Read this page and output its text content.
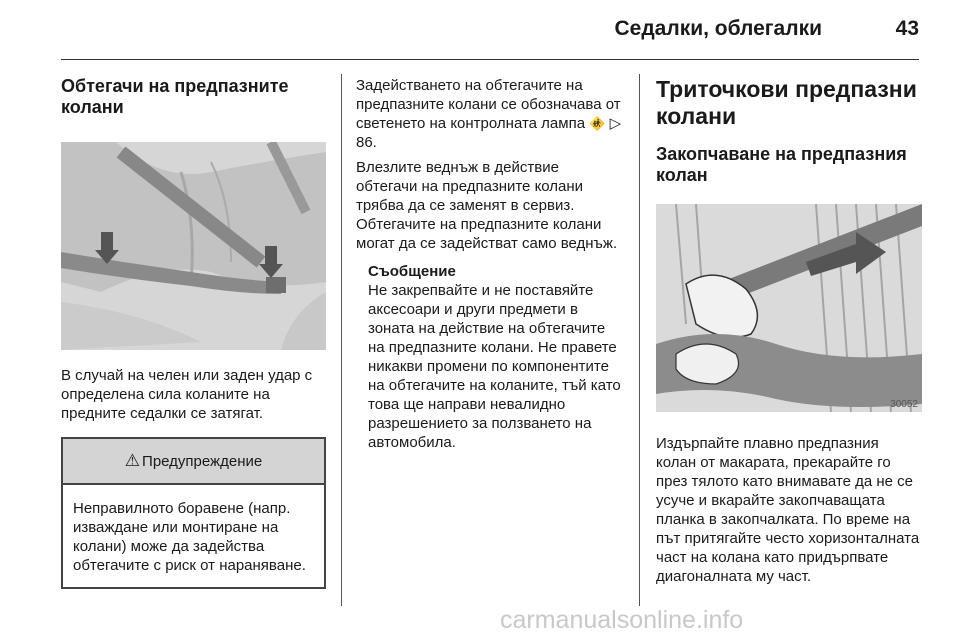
Седалки, облегалки	43
Обтегачи на предпазните колани

В случай на челен или заден удар с определена сила коланите на предните седалки се затягат.

⚠ Предупреждение

Неправилното боравене (напр. изваждане или монтиране на колани) може да задейства обтегачите с риск от нараняване.

Задействането на обтегачите на предпазните колани се обозначава от светенето на контролната лампа 🚸 ▷ 86.

Влезлите веднъж в действие обтегачи на предпазните колани трябва да се заменят в сервиз. Обтегачите на предпазните колани могат да се задействат само веднъж.

Съобщение

Не закрепвайте и не поставяйте аксесоари и други предмети в зоната на действие на обтегачите на предпазните колани. Не правете никакви промени по компонентите на обтегачите на коланите, тъй като това ще направи невалидно разрешението за ползването на автомобила.

Триточкови предпазни колани
Закопчаване на предпазния колан
30052

Издърпайте плавно предпазния колан от макарата, прекарайте го през тялото като внимавате да не се усуче и вкарайте закопчаващата планка в закопчалката. По време на път притягайте често хоризонталната част на колана като придърпвате диагоналната му част.

carmanualsonline.info
